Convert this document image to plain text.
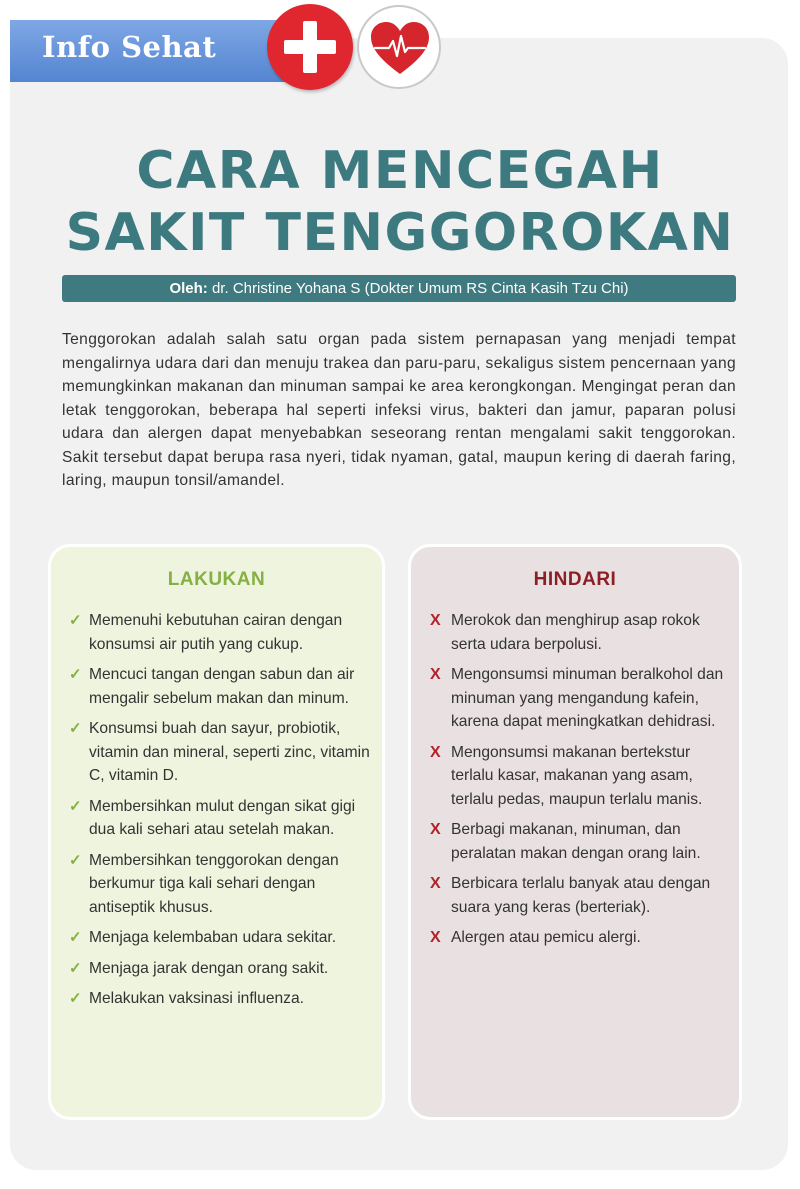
Info Sehat
CARA MENCEGAH
SAKIT TENGGOROKAN
Oleh: dr. Christine Yohana S (Dokter Umum RS Cinta Kasih Tzu Chi)
Tenggorokan adalah salah satu organ pada sistem pernapasan yang menjadi tempat mengalirnya udara dari dan menuju trakea dan paru-paru, sekaligus sistem pencernaan yang memungkinkan makanan dan minuman sampai ke area kerongkongan. Mengingat peran dan letak tenggorokan, beberapa hal seperti infeksi virus, bakteri dan jamur, paparan polusi udara dan alergen dapat menyebabkan seseorang rentan mengalami sakit tenggorokan. Sakit tersebut dapat berupa rasa nyeri, tidak nyaman, gatal, maupun kering di daerah faring, laring, maupun tonsil/amandel.
LAKUKAN
✓ Memenuhi kebutuhan cairan dengan konsumsi air putih yang cukup.
✓ Mencuci tangan dengan sabun dan air mengalir sebelum makan dan minum.
✓ Konsumsi buah dan sayur, probiotik, vitamin dan mineral, seperti zinc, vitamin C, vitamin D.
✓ Membersihkan mulut dengan sikat gigi dua kali sehari atau setelah makan.
✓ Membersihkan tenggorokan dengan berkumur tiga kali sehari dengan antiseptik khusus.
✓ Menjaga kelembaban udara sekitar.
✓ Menjaga jarak dengan orang sakit.
✓ Melakukan vaksinasi influenza.
HINDARI
X Merokok dan menghirup asap rokok serta udara berpolusi.
X Mengonsumsi minuman beralkohol dan minuman yang mengandung kafein, karena dapat meningkatkan dehidrasi.
X Mengonsumsi makanan bertekstur terlalu kasar, makanan yang asam, terlalu pedas, maupun terlalu manis.
X Berbagi makanan, minuman, dan peralatan makan dengan orang lain.
X Berbicara terlalu banyak atau dengan suara yang keras (berteriak).
X Alergen atau pemicu alergi.
